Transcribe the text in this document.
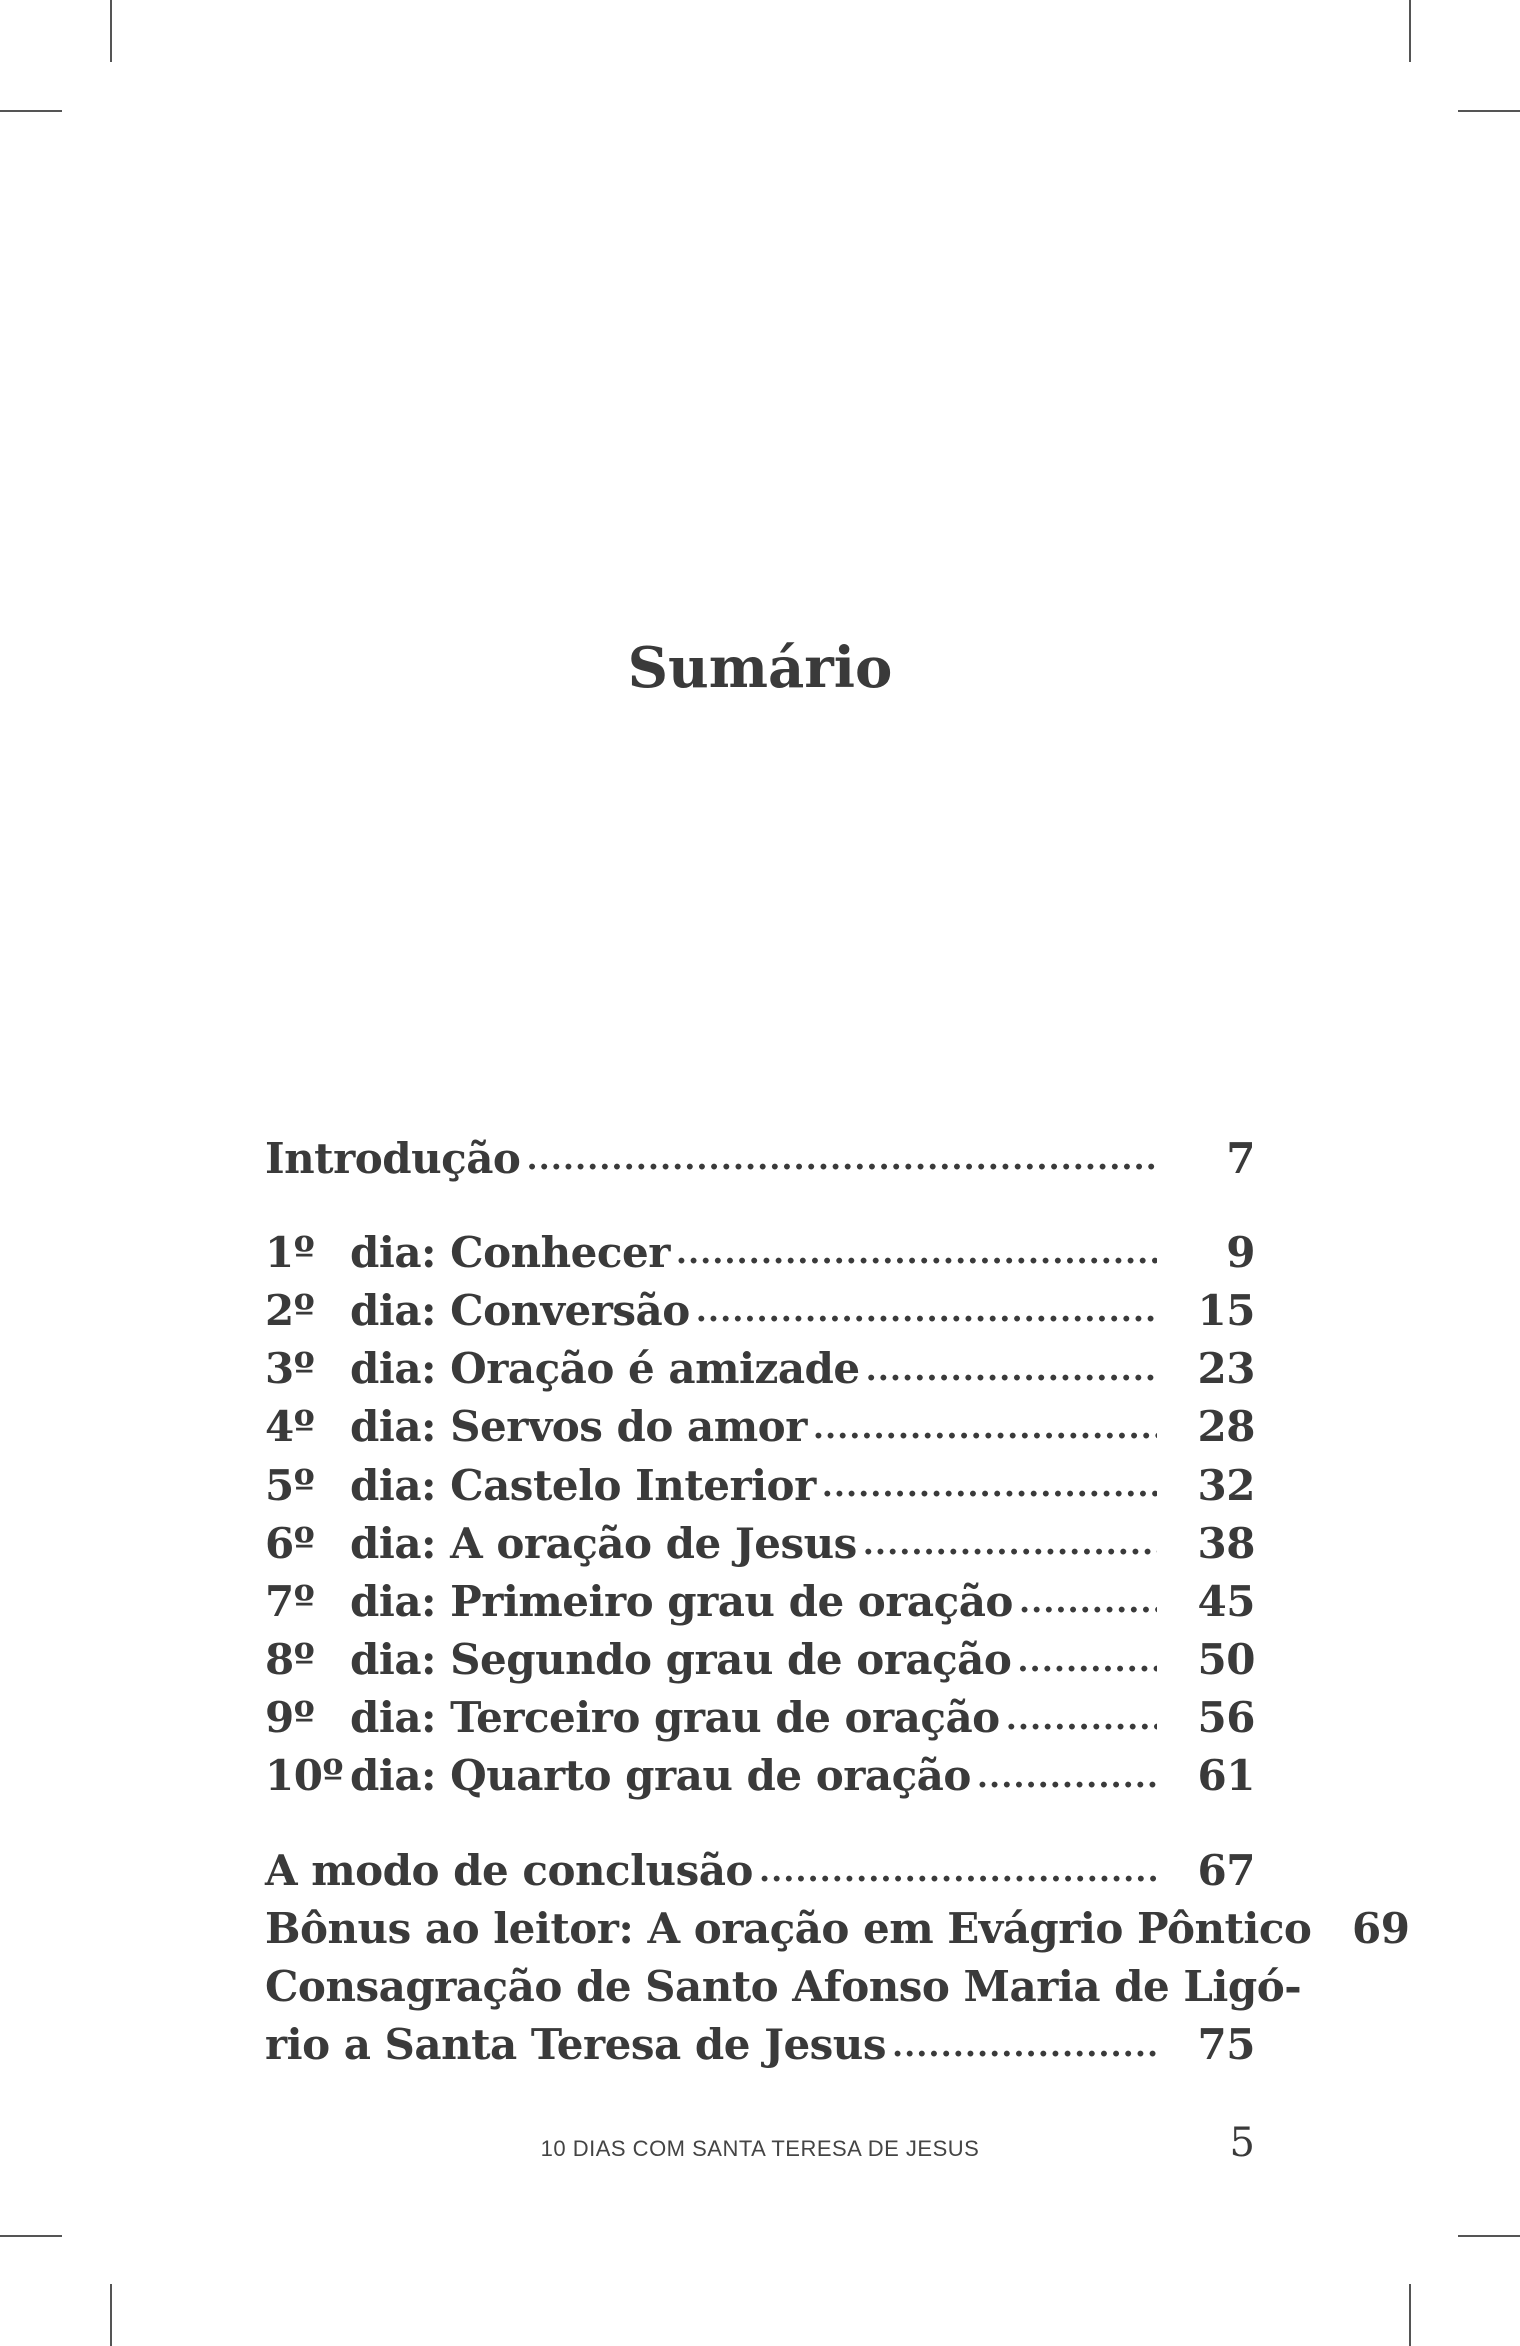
Sumário
Introdução .....	7
1º dia: Conhecer .....	9
2º dia: Conversão .....	15
3º dia: Oração é amizade .....	23
4º dia: Servos do amor .....	28
5º dia: Castelo Interior .....	32
6º dia: A oração de Jesus .....	38
7º dia: Primeiro grau de oração .....	45
8º dia: Segundo grau de oração .....	50
9º dia: Terceiro grau de oração .....	56
10º dia: Quarto grau de oração .....	61
A modo de conclusão .....	67
Bônus ao leitor: A oração em Evágrio Pôntico 69
Consagração de Santo Afonso Maria de Ligó-
rio a Santa Teresa de Jesus .....	75
10 DIAS COM SANTA TERESA DE JESUS	5
